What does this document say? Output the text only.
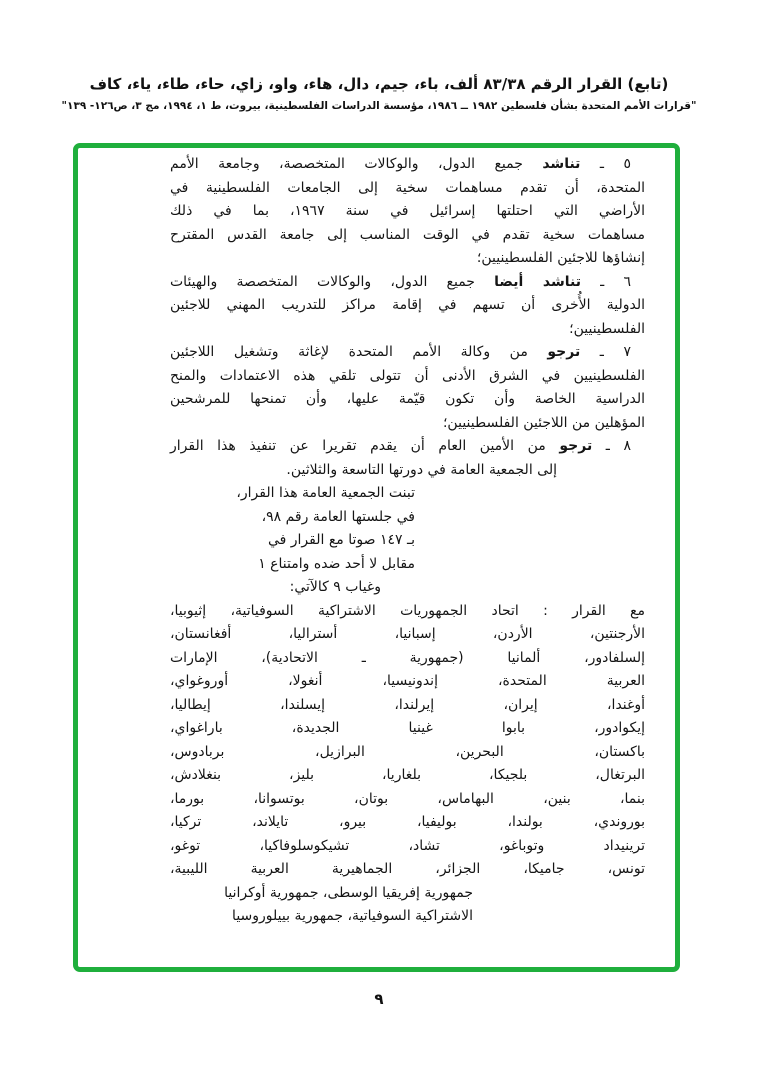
(تابع) القرار الرقم ٨٣/٣٨ ألف، باء، جيم، دال، هاء، واو، زاي، حاء، طاء، ياء، كاف
"قرارات الأمم المتحدة بشأن فلسطين ١٩٨٢ ــ ١٩٨٦، مؤسسة الدراسات الفلسطينية، بيروت، ط ١، ١٩٩٤، مج ٣، ص١٢٦- ١٣٩"
٥ ـ تناشد جميع الدول، والوكالات المتخصصة، وجامعة الأمم
المتحدة، أن تقدم مساهمات سخية إلى الجامعات الفلسطينية في
الأراضي التي احتلتها إسرائيل في سنة ١٩٦٧، بما في ذلك
مساهمات سخية تقدم في الوقت المناسب إلى جامعة القدس المقترح
إنشاؤها للاجئين الفلسطينيين؛
٦ ـ تناشد أيضا جميع الدول، والوكالات المتخصصة والهيئات
الدولية الأُخرى أن تسهم في إقامة مراكز للتدريب المهني للاجئين
الفلسطينيين؛
٧ ـ ترجو من وكالة الأمم المتحدة لإغاثة وتشغيل اللاجئين
الفلسطينيين في الشرق الأدنى أن تتولى تلقي هذه الاعتمادات والمنح
الدراسية الخاصة وأن تكون قيّمة عليها، وأن تمنحها للمرشحين
المؤهلين من اللاجئين الفلسطينيين؛
٨ ـ ترجو من الأمين العام أن يقدم تقريرا عن تنفيذ هذا القرار
إلى الجمعية العامة في دورتها التاسعة والثلاثين.
تبنت الجمعية العامة هذا القرار،
في جلستها العامة رقم ٩٨،
بـ ١٤٧ صوتا مع القرار في
مقابل لا أحد ضده وامتناع ١
وغياب ٩ كالآتي:
مع القرار : اتحاد الجمهوريات الاشتراكية السوفياتية، إثيوبيا،
الأرجنتين، الأردن، إسبانيا، أستراليا، أفغانستان،
إلسلفادور، ألمانيا (جمهورية ـ الاتحادية)، الإمارات
العربية المتحدة، إندونيسيا، أنغولا، أوروغواي،
أوغندا، إيران، إيرلندا، إيسلندا، إيطاليا،
إيكوادور، بابوا غينيا الجديدة، باراغواي،
باكستان، البحرين، البرازيل، بربادوس،
البرتغال، بلجيكا، بلغاريا، بليز، بنغلادش،
بنما، بنين، البهاماس، بوتان، بوتسوانا، بورما،
بوروندي، بولندا، بوليفيا، بيرو، تايلاند، تركيا،
ترينيداد وتوباغو، تشاد، تشيكوسلوفاكيا، توغو،
تونس، جاميكا، الجزائر، الجماهيرية العربية الليبية،
جمهورية إفريقيا الوسطى، جمهورية أوكرانيا
الاشتراكية السوفياتية، جمهورية بييلوروسيا
٩
